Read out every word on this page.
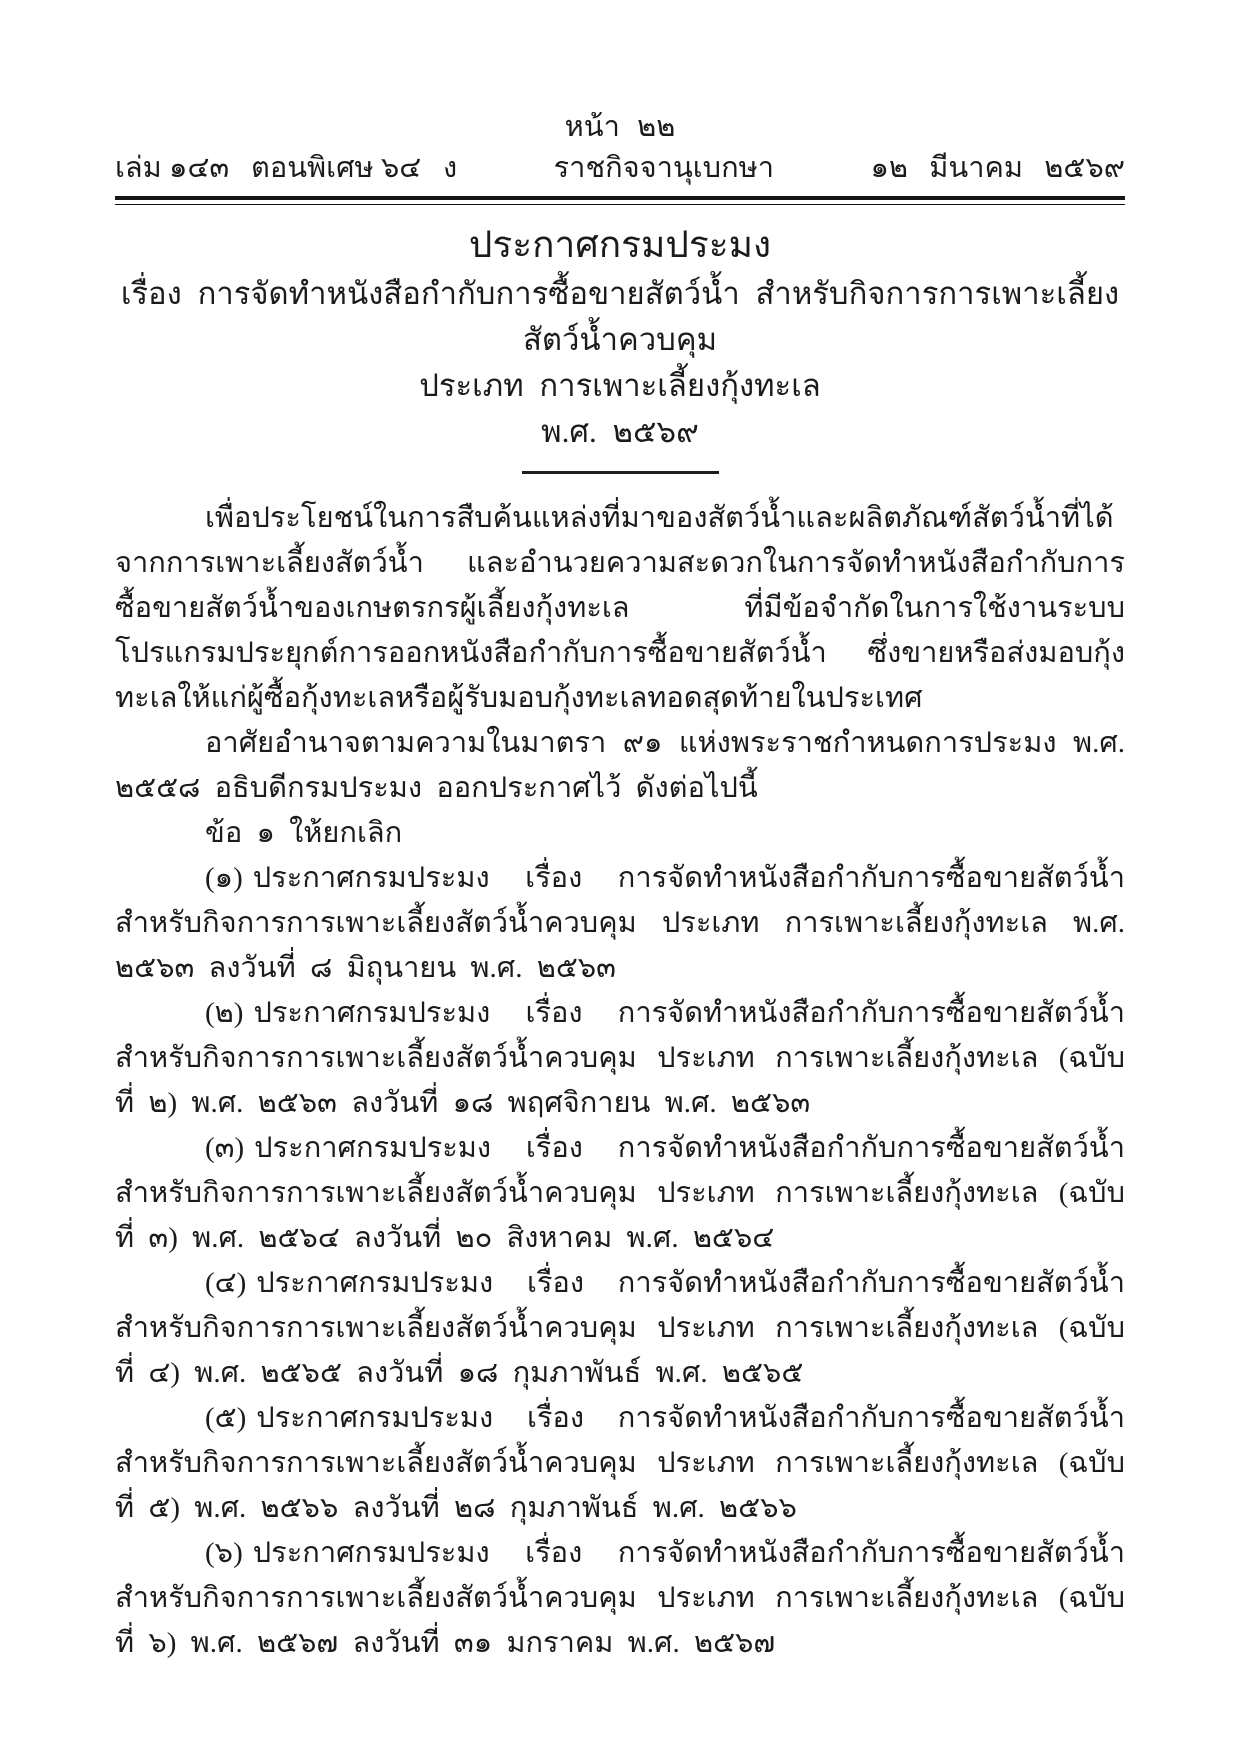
หน้า ๒๒
เล่ม ๑๔๓   ตอนพิเศษ ๖๔   ง	ราชกิจจานุเบกษา	๑๒ มีนาคม ๒๕๖๙
ประกาศกรมประมง
เรื่อง การจัดทำหนังสือกำกับการซื้อขายสัตว์น้ำ สำหรับกิจการการเพาะเลี้ยงสัตว์น้ำควบคุม
ประเภท การเพาะเลี้ยงกุ้งทะเล
พ.ศ. ๒๕๖๙

เพื่อประโยชน์ในการสืบค้นแหล่งที่มาของสัตว์น้ำและผลิตภัณฑ์สัตว์น้ำที่ได้จากการเพาะเลี้ยงสัตว์น้ำ และอำนวยความสะดวกในการจัดทำหนังสือกำกับการซื้อขายสัตว์น้ำของเกษตรกรผู้เลี้ยงกุ้งทะเล ที่มีข้อจำกัดในการใช้งานระบบโปรแกรมประยุกต์การออกหนังสือกำกับการซื้อขายสัตว์น้ำ ซึ่งขายหรือส่งมอบกุ้งทะเลให้แก่ผู้ซื้อกุ้งทะเลหรือผู้รับมอบกุ้งทะเลทอดสุดท้ายในประเทศ

อาศัยอำนาจตามความในมาตรา ๙๑ แห่งพระราชกำหนดการประมง พ.ศ. ๒๕๕๘ อธิบดีกรมประมง ออกประกาศไว้ ดังต่อไปนี้

ข้อ ๑ ให้ยกเลิก

(๑) ประกาศกรมประมง เรื่อง การจัดทำหนังสือกำกับการซื้อขายสัตว์น้ำ สำหรับกิจการการเพาะเลี้ยงสัตว์น้ำควบคุม ประเภท การเพาะเลี้ยงกุ้งทะเล พ.ศ. ๒๕๖๓ ลงวันที่ ๘ มิถุนายน พ.ศ. ๒๕๖๓

(๒) ประกาศกรมประมง เรื่อง การจัดทำหนังสือกำกับการซื้อขายสัตว์น้ำ สำหรับกิจการการเพาะเลี้ยงสัตว์น้ำควบคุม ประเภท การเพาะเลี้ยงกุ้งทะเล (ฉบับที่ ๒) พ.ศ. ๒๕๖๓ ลงวันที่ ๑๘ พฤศจิกายน พ.ศ. ๒๕๖๓

(๓) ประกาศกรมประมง เรื่อง การจัดทำหนังสือกำกับการซื้อขายสัตว์น้ำ สำหรับกิจการการเพาะเลี้ยงสัตว์น้ำควบคุม ประเภท การเพาะเลี้ยงกุ้งทะเล (ฉบับที่ ๓) พ.ศ. ๒๕๖๔ ลงวันที่ ๒๐ สิงหาคม พ.ศ. ๒๕๖๔

(๔) ประกาศกรมประมง เรื่อง การจัดทำหนังสือกำกับการซื้อขายสัตว์น้ำ สำหรับกิจการการเพาะเลี้ยงสัตว์น้ำควบคุม ประเภท การเพาะเลี้ยงกุ้งทะเล (ฉบับที่ ๔) พ.ศ. ๒๕๖๕ ลงวันที่ ๑๘ กุมภาพันธ์ พ.ศ. ๒๕๖๕

(๕) ประกาศกรมประมง เรื่อง การจัดทำหนังสือกำกับการซื้อขายสัตว์น้ำ สำหรับกิจการการเพาะเลี้ยงสัตว์น้ำควบคุม ประเภท การเพาะเลี้ยงกุ้งทะเล (ฉบับที่ ๕) พ.ศ. ๒๕๖๖ ลงวันที่ ๒๘ กุมภาพันธ์ พ.ศ. ๒๕๖๖

(๖) ประกาศกรมประมง เรื่อง การจัดทำหนังสือกำกับการซื้อขายสัตว์น้ำ สำหรับกิจการการเพาะเลี้ยงสัตว์น้ำควบคุม ประเภท การเพาะเลี้ยงกุ้งทะเล (ฉบับที่ ๖) พ.ศ. ๒๕๖๗ ลงวันที่ ๓๑ มกราคม พ.ศ. ๒๕๖๗
